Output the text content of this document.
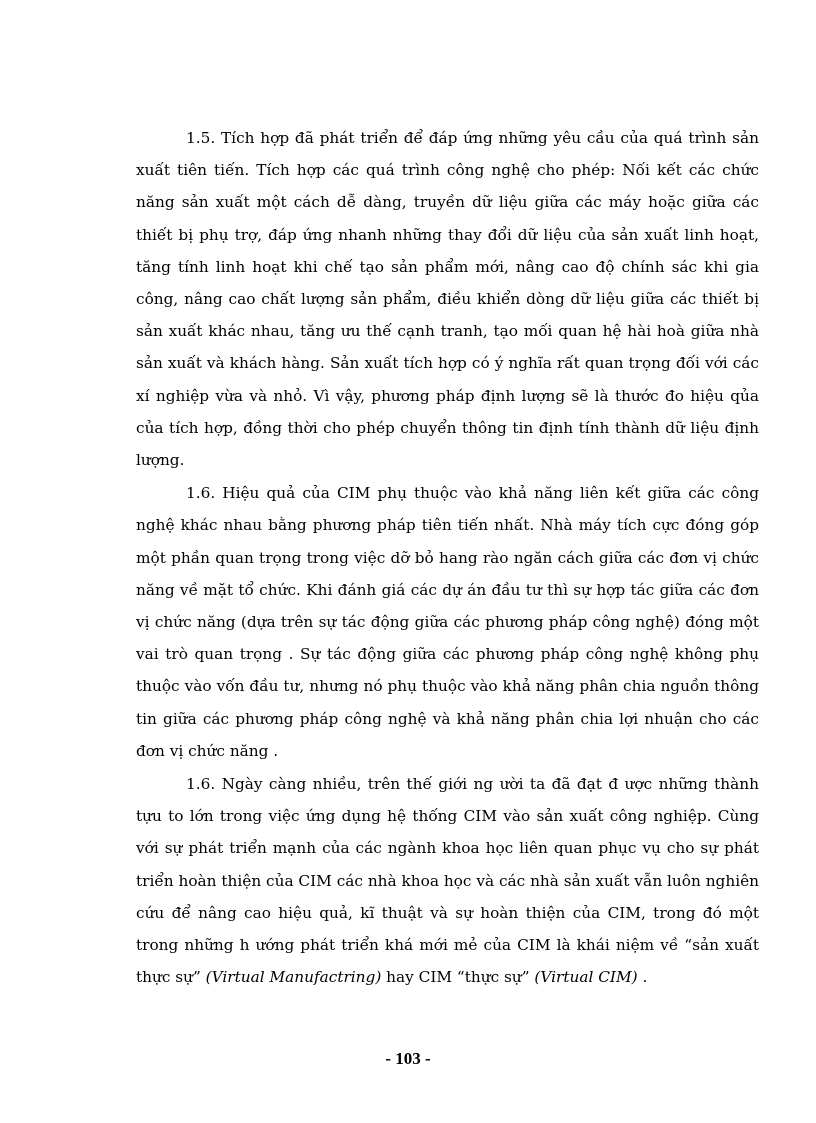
1.5. Tích hợp đã phát triển để đáp ứng những yêu cầu của quá trình sản xuất tiên tiến. Tích hợp các quá trình công nghệ cho phép: Nối kết các chức năng sản xuất một cách dễ dàng, truyền dữ liệu giữa các máy hoặc giữa các thiết bị phụ trợ, đáp ứng nhanh những thay đổi dữ liệu của sản xuất linh hoạt, tăng tính linh hoạt khi chế tạo sản phẩm mới, nâng cao độ chính sác khi gia công, nâng cao chất lượng sản phẩm, điều khiển dòng dữ liệu giữa các thiết bị sản xuất khác nhau, tăng ưu thế cạnh tranh, tạo mối quan hệ hài hoà giữa nhà sản xuất và khách hàng. Sản xuất tích hợp có ý nghĩa rất quan trọng đối với các xí nghiệp vừa và nhỏ. Vì vậy, phương pháp định lượng sẽ là thước đo hiệu qủa của tích hợp, đồng thời cho phép chuyển thông tin định tính thành dữ liệu định lượng.

1.6. Hiệu quả của CIM phụ thuộc vào khả năng liên kết giữa các công nghệ khác nhau bằng phương pháp tiên tiến nhất. Nhà máy tích cực đóng góp một phần quan trọng trong việc dỡ bỏ hang rào ngăn cách giữa các đơn vị chức năng về mặt tổ chức. Khi đánh giá các dự án đầu tư thì sự hợp tác giữa các đơn vị chức năng (dựa trên sự tác động giữa các phương pháp công nghệ) đóng một vai trò quan trọng . Sự tác động giữa các phương pháp công nghệ không phụ thuộc vào vốn đầu tư, nhưng nó phụ thuộc vào khả năng phân chia nguồn thông tin giữa các phương pháp công nghệ và khả năng phân chia lợi nhuận cho các đơn vị chức năng .

1.6. Ngày càng nhiều, trên thế giới ng ười ta đã đạt đ ược những thành tựu to lớn trong việc ứng dụng hệ thống CIM vào sản xuất công nghiệp. Cùng với sự phát triển mạnh của các ngành khoa học liên quan phục vụ cho sự phát triển hoàn thiện của CIM các nhà khoa học và các nhà sản xuất vẫn luôn nghiên cứu để nâng cao hiệu quả, kĩ thuật và sự hoàn thiện của CIM, trong đó một trong những h ướng phát triển khá mới mẻ của CIM là khái niệm về “sản xuất thực sự” (Virtual Manufactring) hay CIM “thực sự” (Virtual CIM) .

- 103 -
